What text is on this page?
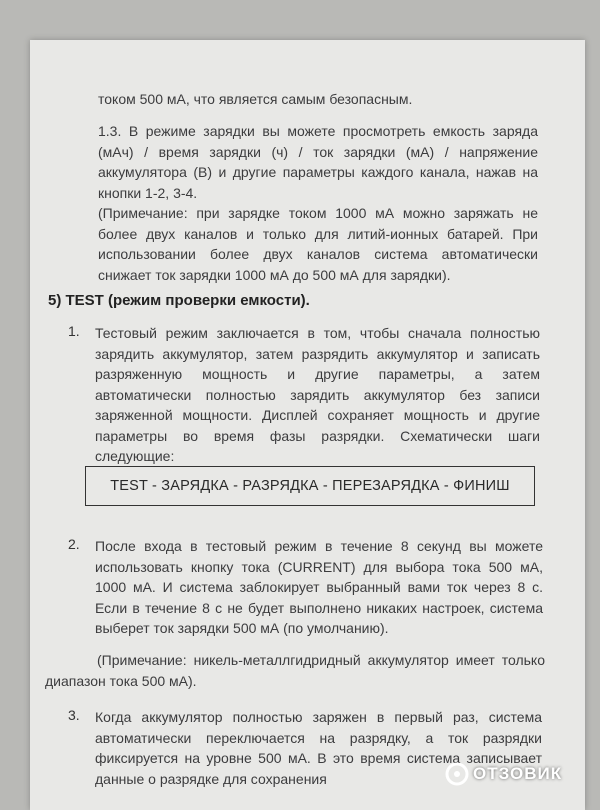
током 500 мА, что является самым безопасным.
1.3. В режиме зарядки вы можете просмотреть емкость заряда (мАч) / время зарядки (ч) / ток зарядки (мА) / напряжение аккумулятора (В) и другие параметры каждого канала, нажав на кнопки 1-2, 3-4.
(Примечание: при зарядке током 1000 мА можно заряжать не более двух каналов и только для литий-ионных батарей. При использовании более двух каналов система автоматически снижает ток зарядки 1000 мА до 500 мА для зарядки).
5) TEST (режим проверки емкости).
1. Тестовый режим заключается в том, чтобы сначала полностью зарядить аккумулятор, затем разрядить аккумулятор и записать разряженную мощность и другие параметры, а затем автоматически полностью зарядить аккумулятор без записи заряженной мощности. Дисплей сохраняет мощность и другие параметры во время фазы разрядки. Схематически шаги следующие:
TEST - ЗАРЯДКА - РАЗРЯДКА - ПЕРЕЗАРЯДКА - ФИНИШ
2. После входа в тестовый режим в течение 8 секунд вы можете использовать кнопку тока (CURRENT) для выбора тока 500 мА, 1000 мА. И система заблокирует выбранный вами ток через 8 с. Если в течение 8 с не будет выполнено никаких настроек, система выберет ток зарядки 500 мА (по умолчанию).
(Примечание: никель-металлгидридный аккумулятор имеет только диапазон тока 500 мА).
3. Когда аккумулятор полностью заряжен в первый раз, система автоматически переключается на разрядку, а ток разрядки фиксируется на уровне 500 мА. В это время система записывает данные о разрядке для сохранения	ОТЗОВИК
